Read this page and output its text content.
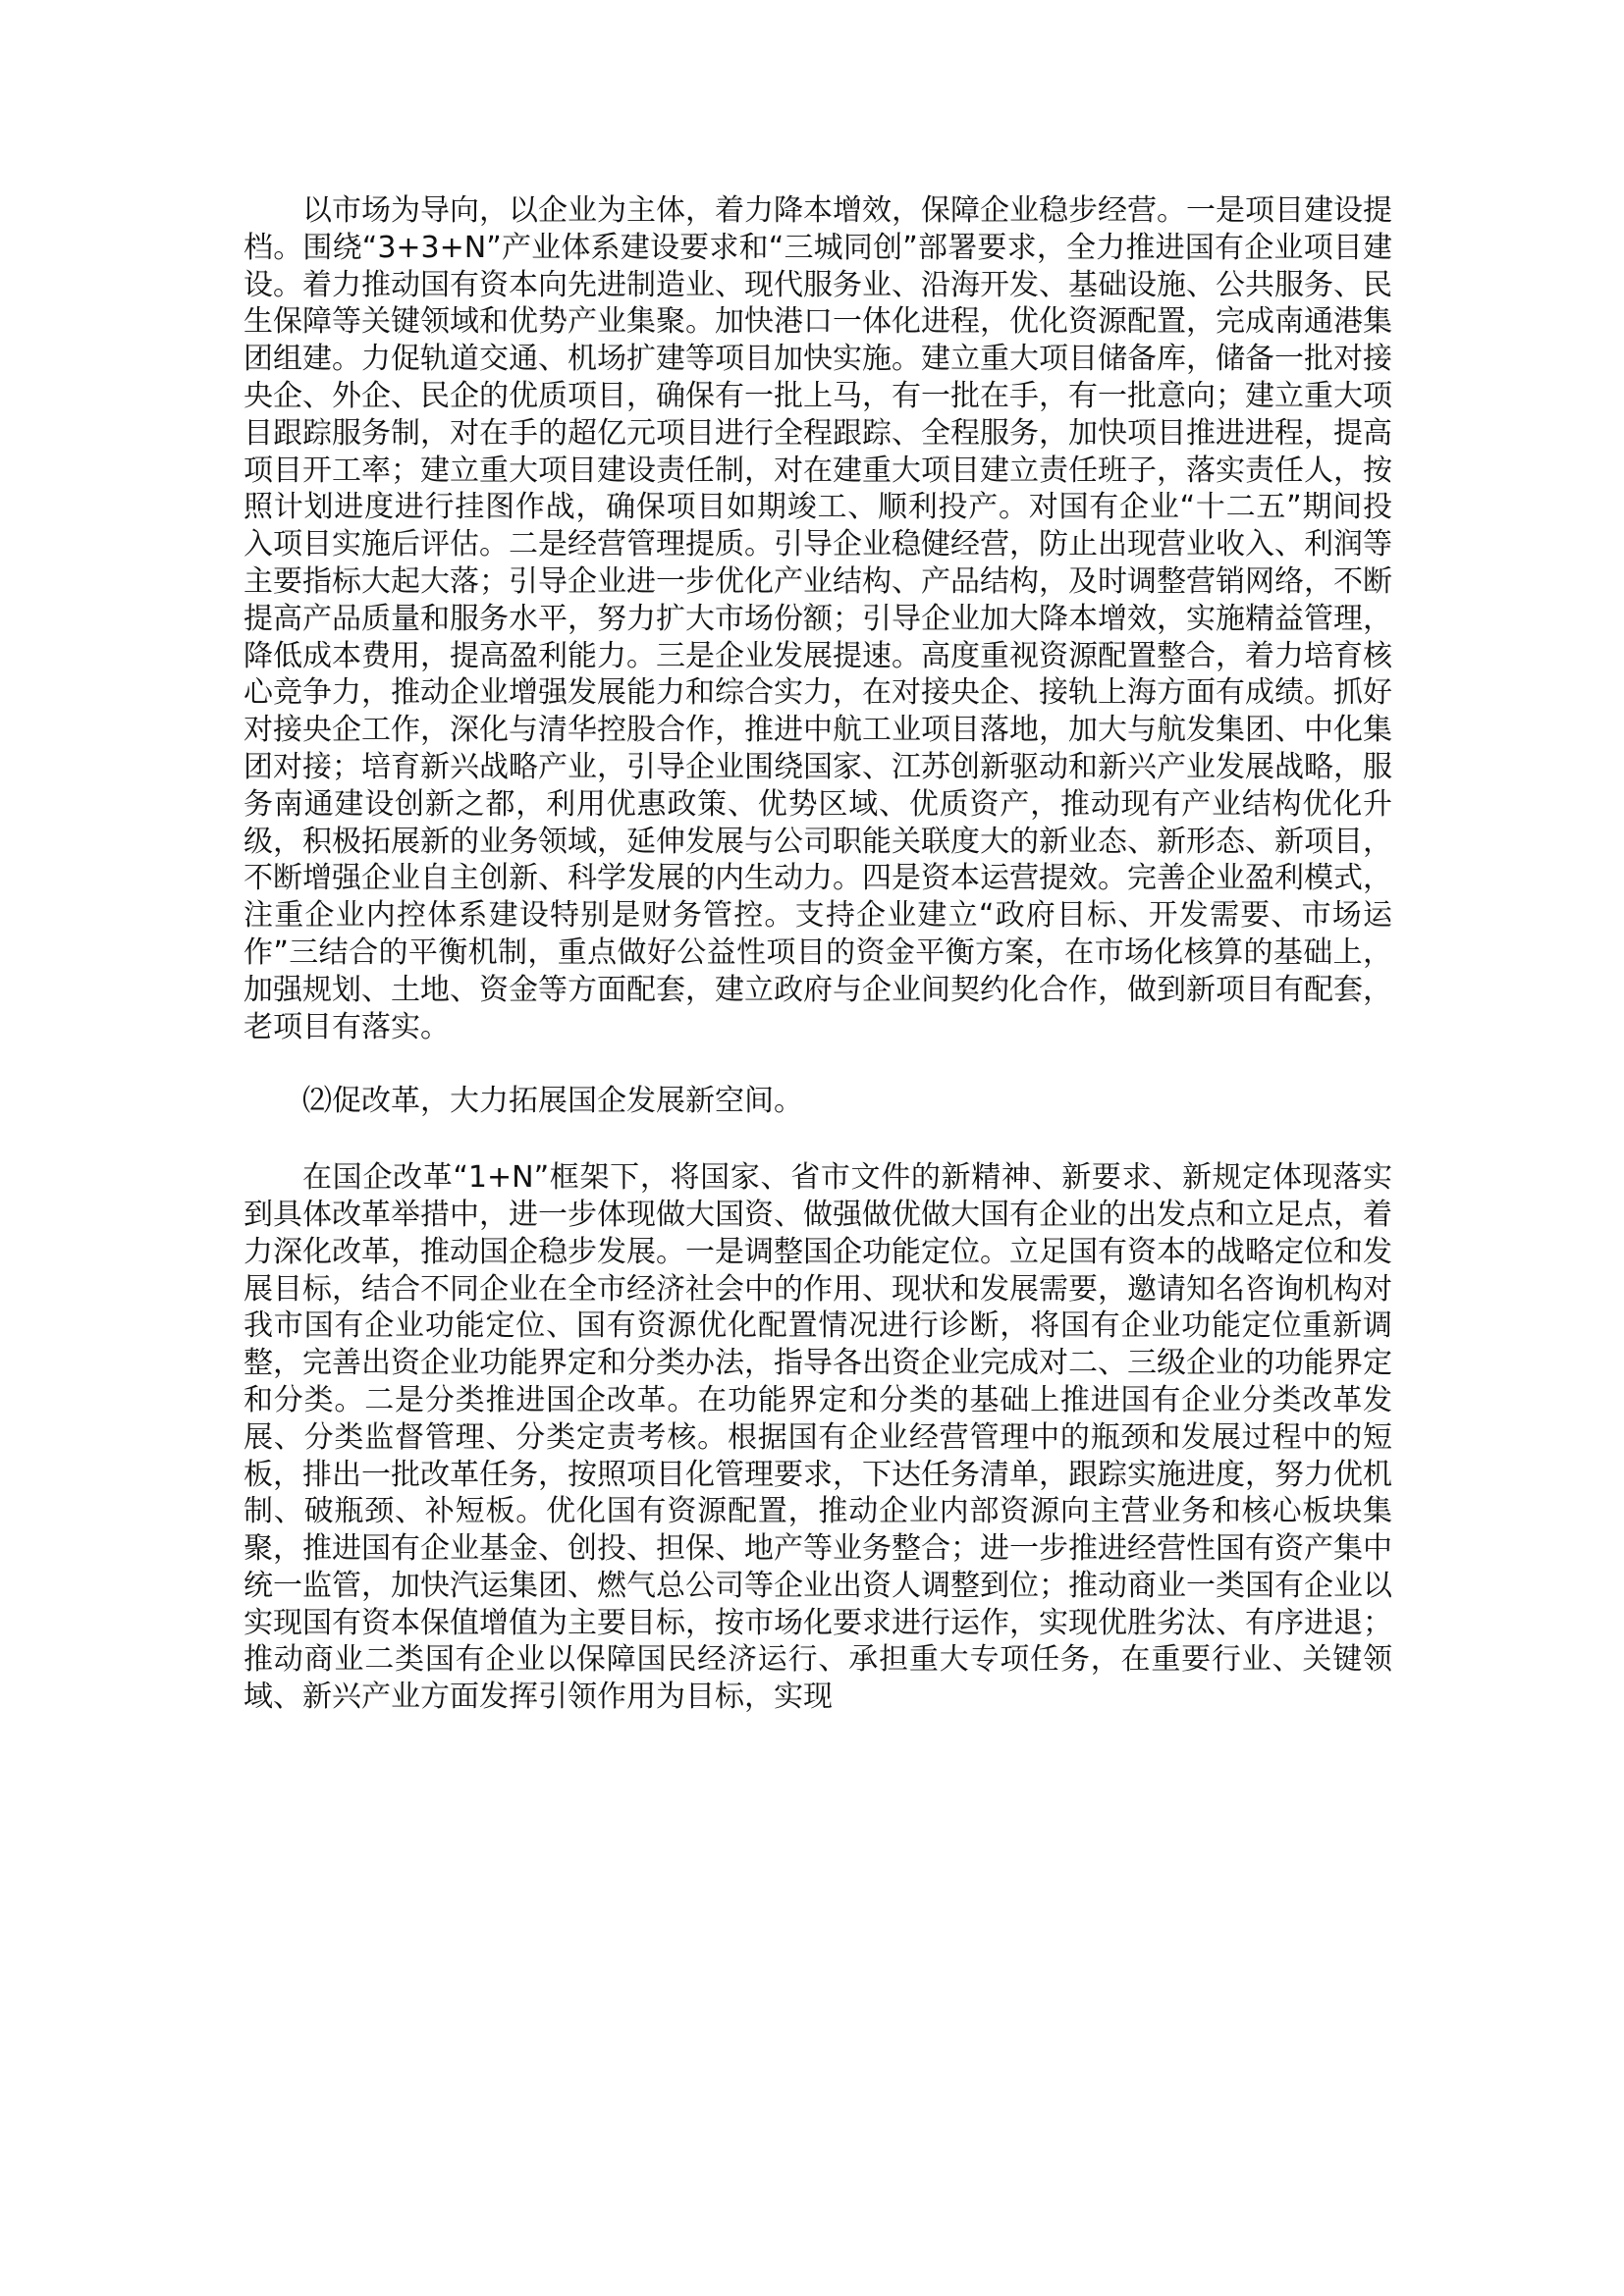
以市场为导向，以企业为主体，着力降本增效，保障企业稳步经营。一是项目建设提档。围绕“3+3+N”产业体系建设要求和“三城同创”部署要求，全力推进国有企业项目建设。着力推动国有资本向先进制造业、现代服务业、沿海开发、基础设施、公共服务、民生保障等关键领域和优势产业集聚。加快港口一体化进程，优化资源配置，完成南通港集团组建。力促轨道交通、机场扩建等项目加快实施。建立重大项目储备库，储备一批对接央企、外企、民企的优质项目，确保有一批上马，有一批在手，有一批意向；建立重大项目跟踪服务制，对在手的超亿元项目进行全程跟踪、全程服务，加快项目推进进程，提高项目开工率；建立重大项目建设责任制，对在建重大项目建立责任班子，落实责任人，按照计划进度进行挂图作战，确保项目如期竣工、顺利投产。对国有企业“十二五”期间投入项目实施后评估。二是经营管理提质。引导企业稳健经营，防止出现营业收入、利润等主要指标大起大落；引导企业进一步优化产业结构、产品结构，及时调整营销网络，不断提高产品质量和服务水平，努力扩大市场份额；引导企业加大降本增效，实施精益管理，降低成本费用，提高盈利能力。三是企业发展提速。高度重视资源配置整合，着力培育核心竞争力，推动企业增强发展能力和综合实力，在对接央企、接轨上海方面有成绩。抓好对接央企工作，深化与清华控股合作，推进中航工业项目落地，加大与航发集团、中化集团对接；培育新兴战略产业，引导企业围绕国家、江苏创新驱动和新兴产业发展战略，服务南通建设创新之都，利用优惠政策、优势区域、优质资产，推动现有产业结构优化升级，积极拓展新的业务领域，延伸发展与公司职能关联度大的新业态、新形态、新项目，不断增强企业自主创新、科学发展的内生动力。四是资本运营提效。完善企业盈利模式，注重企业内控体系建设特别是财务管控。支持企业建立“政府目标、开发需要、市场运作”三结合的平衡机制，重点做好公益性项目的资金平衡方案，在市场化核算的基础上，加强规划、土地、资金等方面配套，建立政府与企业间契约化合作，做到新项目有配套，老项目有落实。

⑵促改革，大力拓展国企发展新空间。

在国企改革“1+N”框架下，将国家、省市文件的新精神、新要求、新规定体现落实到具体改革举措中，进一步体现做大国资、做强做优做大国有企业的出发点和立足点，着力深化改革，推动国企稳步发展。一是调整国企功能定位。立足国有资本的战略定位和发展目标，结合不同企业在全市经济社会中的作用、现状和发展需要，邀请知名咨询机构对我市国有企业功能定位、国有资源优化配置情况进行诊断，将国有企业功能定位重新调整，完善出资企业功能界定和分类办法，指导各出资企业完成对二、三级企业的功能界定和分类。二是分类推进国企改革。在功能界定和分类的基础上推进国有企业分类改革发展、分类监督管理、分类定责考核。根据国有企业经营管理中的瓶颈和发展过程中的短板，排出一批改革任务，按照项目化管理要求，下达任务清单，跟踪实施进度，努力优机制、破瓶颈、补短板。优化国有资源配置，推动企业内部资源向主营业务和核心板块集聚，推进国有企业基金、创投、担保、地产等业务整合；进一步推进经营性国有资产集中统一监管，加快汽运集团、燃气总公司等企业出资人调整到位；推动商业一类国有企业以实现国有资本保值增值为主要目标，按市场化要求进行运作，实现优胜劣汰、有序进退；推动商业二类国有企业以保障国民经济运行、承担重大专项任务，在重要行业、关键领域、新兴产业方面发挥引领作用为目标，实现
